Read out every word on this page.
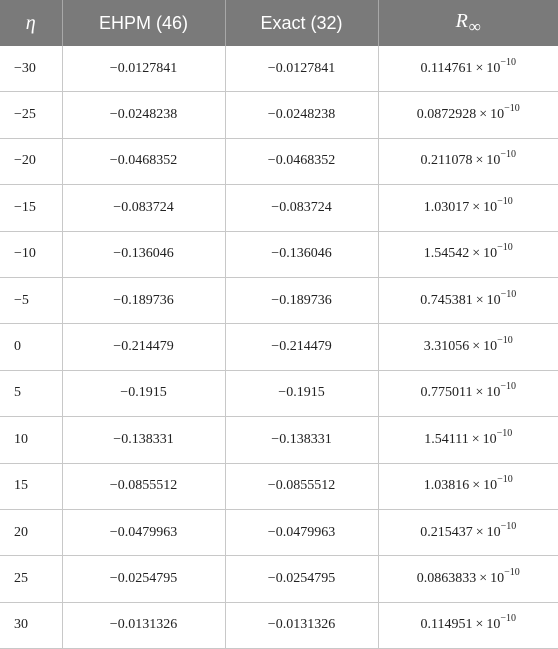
η	EHPM (46)	Exact (32)	$R_\infty$
−30	−0.0127841	−0.0127841	$0.114761 \times 10^{-10}$
−25	−0.0248238	−0.0248238	$0.0872928 \times 10^{-10}$
−20	−0.0468352	−0.0468352	$0.211078 \times 10^{-10}$
−15	−0.083724	−0.083724	$1.03017 \times 10^{-10}$
−10	−0.136046	−0.136046	$1.54542 \times 10^{-10}$
−5	−0.189736	−0.189736	$0.745381 \times 10^{-10}$
0	−0.214479	−0.214479	$3.31056 \times 10^{-10}$
5	−0.1915	−0.1915	$0.775011 \times 10^{-10}$
10	−0.138331	−0.138331	$1.54111 \times 10^{-10}$
15	−0.0855512	−0.0855512	$1.03816 \times 10^{-10}$
20	−0.0479963	−0.0479963	$0.215437 \times 10^{-10}$
25	−0.0254795	−0.0254795	$0.0863833 \times 10^{-10}$
30	−0.0131326	−0.0131326	$0.114951 \times 10^{-10}$
